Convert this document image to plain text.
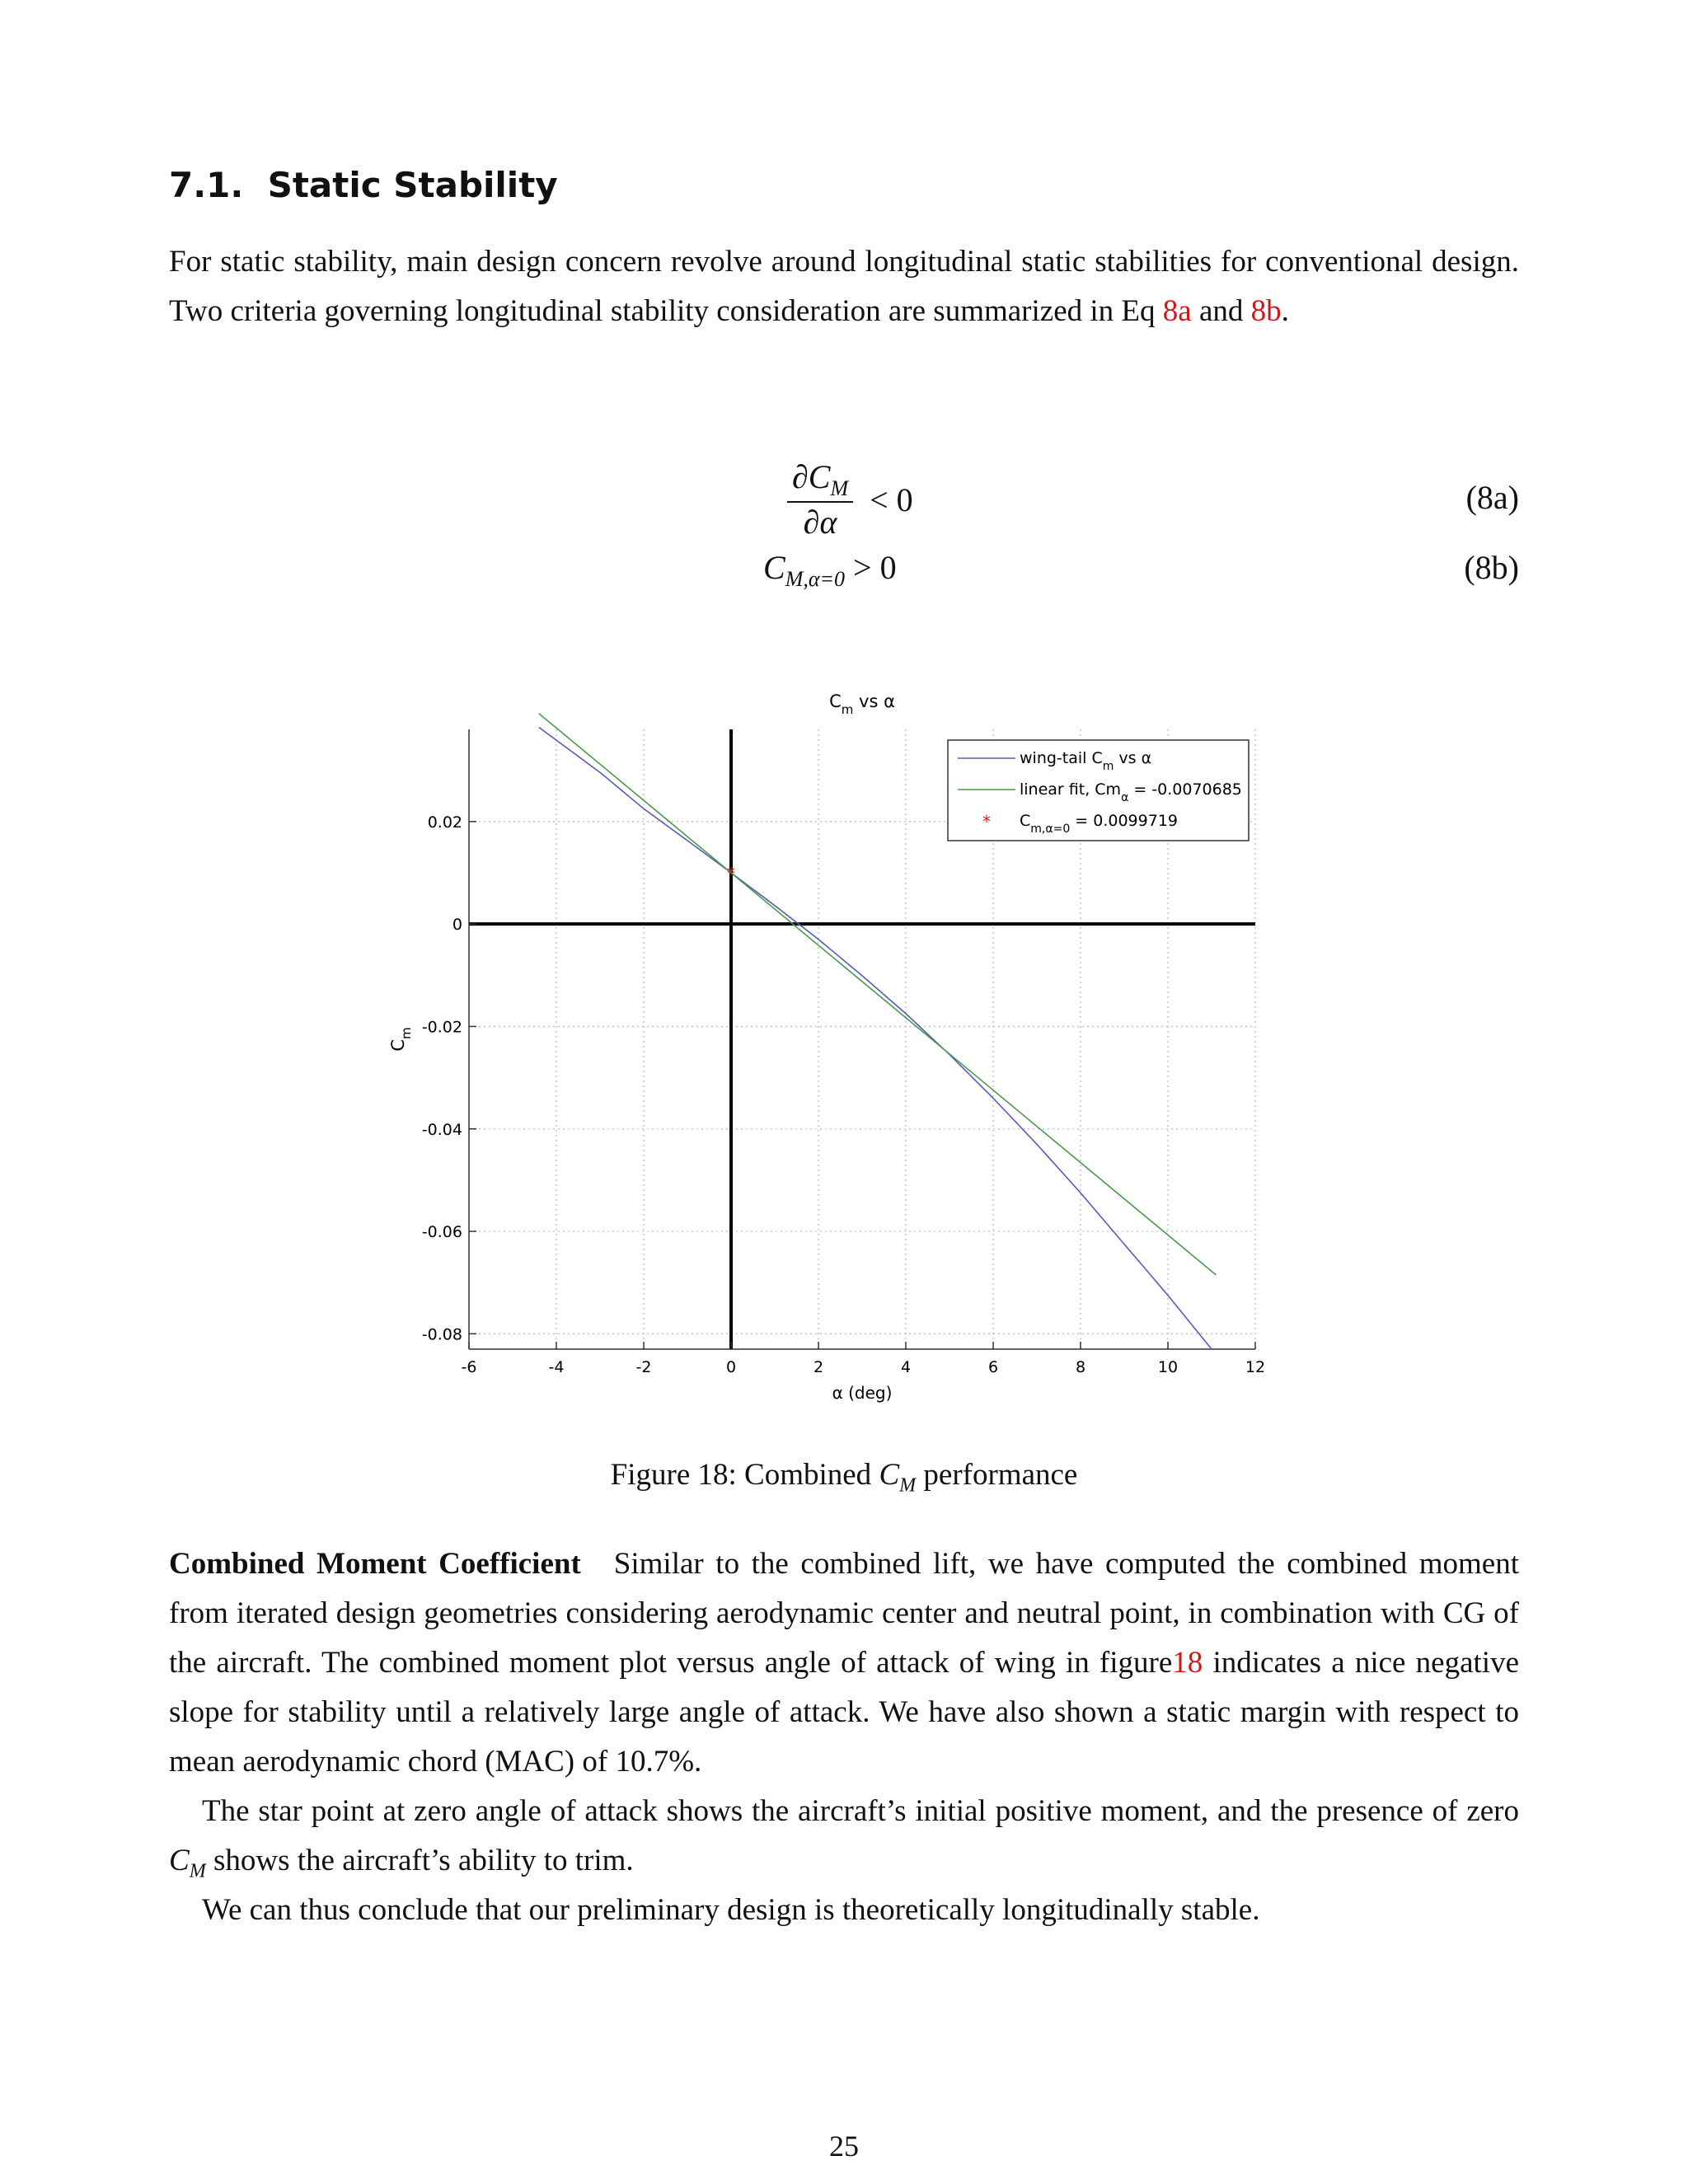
7.1. Static Stability

For static stability, main design concern revolve around longitudinal static stabilities for conventional design. Two criteria governing longitudinal stability consideration are summarized in Eq 8a and 8b.

$\frac{\partial C_M}{\partial\alpha} < 0$	(8a)
$C_{M,\alpha=0} > 0$	(8b)
-6	-4	-2	0	2	4	6	8	10	12
0.02
0
-0.02
-0.04
-0.06
-0.08
*
wing-tail $C_m$ vs α
linear fit, $Cm_\alpha = -0.0070685$
* $C_{m,\alpha=0} = 0.0099719$
$C_m$ vs α
α (deg)
$C_m$
Figure 18: Combined $C_M$ performance

Combined Moment Coefficient Similar to the combined lift, we have computed the combined moment from iterated design geometries considering aerodynamic center and neutral point, in combination with CG of the aircraft. The combined moment plot versus angle of attack of wing in figure18 indicates a nice negative slope for stability until a relatively large angle of attack. We have also shown a static margin with respect to mean aerodynamic chord (MAC) of 10.7%.

The star point at zero angle of attack shows the aircraft’s initial positive moment, and the presence of zero $C_M$ shows the aircraft’s ability to trim.

We can thus conclude that our preliminary design is theoretically longitudinally stable.

25
